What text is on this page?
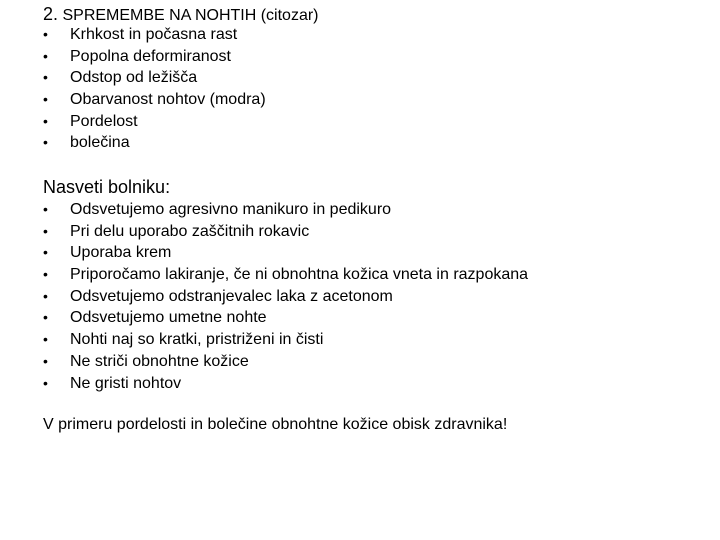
2. SPREMEMBE NA NOHTIH (citozar)
• Krhkost in počasna rast
• Popolna deformiranost
• Odstop od ležišča
• Obarvanost nohtov (modra)
• Pordelost
• bolečina
Nasveti bolniku:
• Odsvetujemo agresivno manikuro in pedikuro
• Pri delu uporabo zaščitnih rokavic
• Uporaba krem
• Priporočamo lakiranje, če ni obnohtna kožica vneta in razpokana
• Odsvetujemo odstranjevalec laka z acetonom
• Odsvetujemo umetne nohte
• Nohti naj so kratki, pristriženi in čisti
• Ne striči obnohtne kožice
• Ne gristi nohtov
V primeru pordelosti in bolečine obnohtne kožice obisk zdravnika!
